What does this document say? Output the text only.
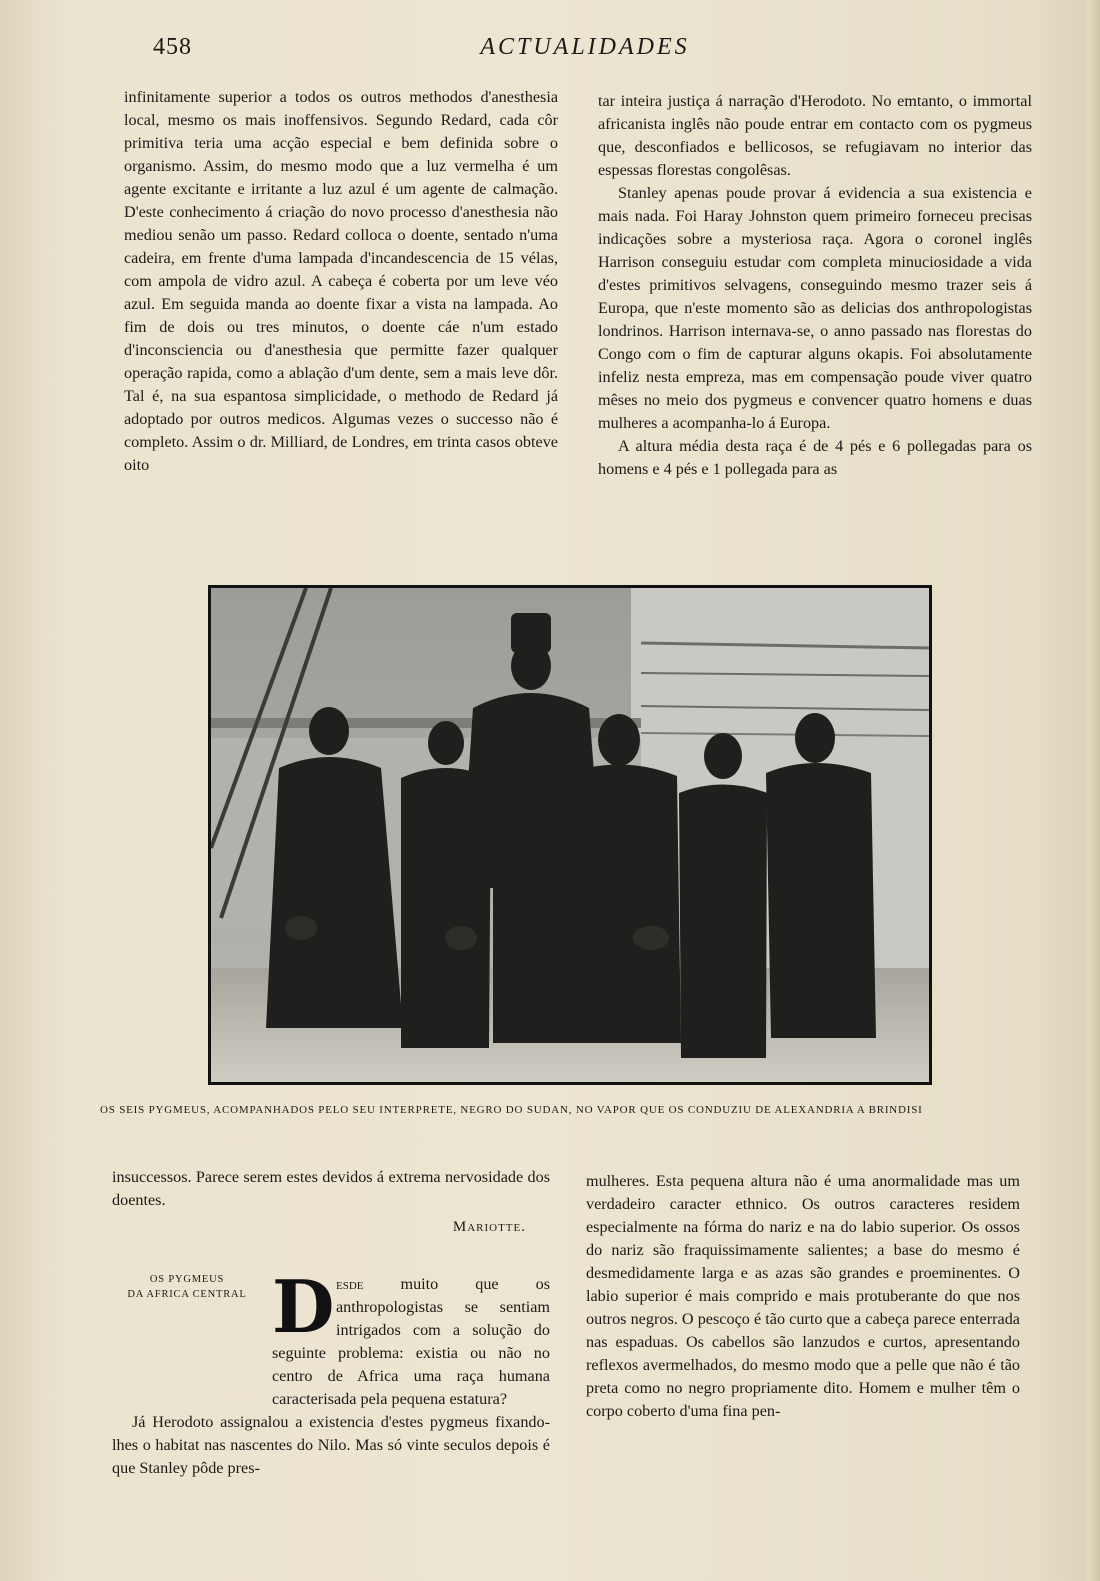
458	ACTUALIDADES

infinitamente superior a todos os outros methodos d'anesthesia local, mesmo os mais inoffensivos. Segundo Redard, cada côr primitiva teria uma acção especial e bem definida sobre o organismo. Assim, do mesmo modo que a luz vermelha é um agente excitante e irritante a luz azul é um agente de calmação. D'este conhecimento á criação do novo processo d'anesthesia não mediou senão um passo. Redard colloca o doente, sentado n'uma cadeira, em frente d'uma lampada d'incandescencia de 15 vélas, com ampola de vidro azul. A cabeça é coberta por um leve véo azul. Em seguida manda ao doente fixar a vista na lampada. Ao fim de dois ou tres minutos, o doente cáe n'um estado d'inconsciencia ou d'anesthesia que permitte fazer qualquer operação rapida, como a ablação d'um dente, sem a mais leve dôr. Tal é, na sua espantosa simplicidade, o methodo de Redard já adoptado por outros medicos. Algumas vezes o successo não é completo. Assim o dr. Milliard, de Londres, em trinta casos obteve oito

tar inteira justiça á narração d'Herodoto. No emtanto, o immortal africanista inglês não poude entrar em contacto com os pygmeus que, desconfiados e bellicosos, se refugiavam no interior das espessas florestas congolêsas.

Stanley apenas poude provar á evidencia a sua existencia e mais nada. Foi Haray Johnston quem primeiro forneceu precisas indicações sobre a mysteriosa raça. Agora o coronel inglês Harrison conseguiu estudar com completa minuciosidade a vida d'estes primitivos selvagens, conseguindo mesmo trazer seis á Europa, que n'este momento são as delicias dos anthropologistas londrinos. Harrison internava-se, o anno passado nas florestas do Congo com o fim de capturar alguns okapis. Foi absolutamente infeliz nesta empreza, mas em compensação poude viver quatro mêses no meio dos pygmeus e convencer quatro homens e duas mulheres a acompanha-lo á Europa.

A altura média desta raça é de 4 pés e 6 pollegadas para os homens e 4 pés e 1 pollegada para as

OS SEIS PYGMEUS, ACOMPANHADOS PELO SEU INTERPRETE, NEGRO DO SUDAN, NO VAPOR QUE OS CONDUZIU DE ALEXANDRIA A BRINDISI

insuccessos. Parece serem estes devidos á extrema nervosidade dos doentes.

Mariotte.

Desde muito que os anthropologistas se sentiam intrigados com a solução do seguinte problema: existia ou não no centro de Africa uma raça humana caracterisada pela pequena estatura?

Já Herodoto assignalou a existencia d'estes pygmeus fixando-lhes o habitat nas nascentes do Nilo. Mas só vinte seculos depois é que Stanley pôde pres-

OS PYGMEUS
DA AFRICA CENTRAL

mulheres. Esta pequena altura não é uma anormalidade mas um verdadeiro caracter ethnico. Os outros caracteres residem especialmente na fórma do nariz e na do labio superior. Os ossos do nariz são fraquissimamente salientes; a base do mesmo é desmedidamente larga e as azas são grandes e proeminentes. O labio superior é mais comprido e mais protuberante do que nos outros negros. O pescoço é tão curto que a cabeça parece enterrada nas espaduas. Os cabellos são lanzudos e curtos, apresentando reflexos avermelhados, do mesmo modo que a pelle que não é tão preta como no negro propriamente dito. Homem e mulher têm o corpo coberto d'uma fina pen-
